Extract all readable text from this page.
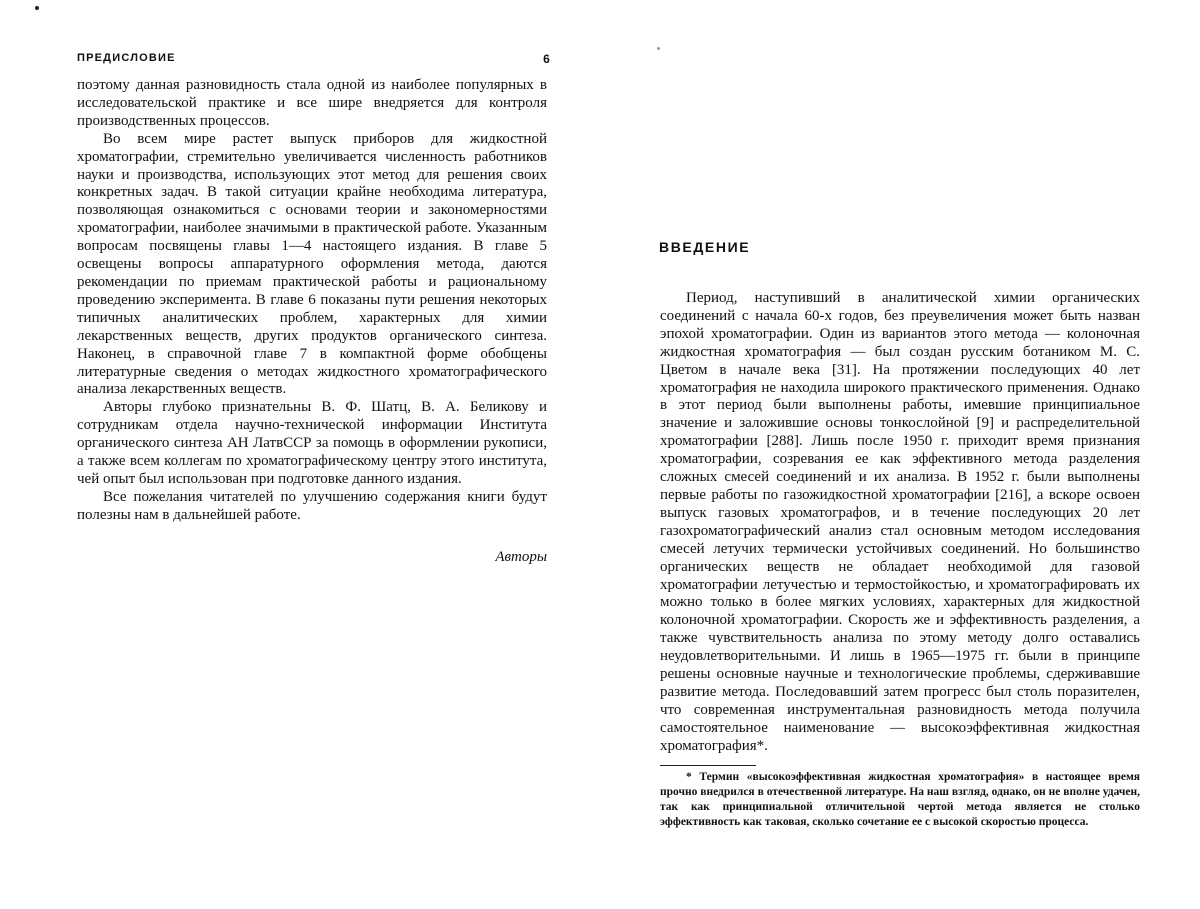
ПРЕДИСЛОВИЕ	6

поэтому данная разновидность стала одной из наиболее популярных в исследовательской практике и все шире внедряется для контроля производственных процессов.

Во всем мире растет выпуск приборов для жидкостной хроматографии, стремительно увеличивается численность работников науки и производства, использующих этот метод для решения своих конкретных задач. В такой ситуации крайне необходима литература, позволяющая ознакомиться с основами теории и закономерностями хроматографии, наиболее значимыми в практической работе. Указанным вопросам посвящены главы 1—4 настоящего издания. В главе 5 освещены вопросы аппаратурного оформления метода, даются рекомендации по приемам практической работы и рациональному проведению эксперимента. В главе 6 показаны пути решения некоторых типичных аналитических проблем, характерных для химии лекарственных веществ, других продуктов органического синтеза. Наконец, в справочной главе 7 в компактной форме обобщены литературные сведения о методах жидкостного хроматографического анализа лекарственных веществ.

Авторы глубоко признательны В. Ф. Шатц, В. А. Беликову и сотрудникам отдела научно-технической информации Института органического синтеза АН ЛатвССР за помощь в оформлении рукописи, а также всем коллегам по хроматографическому центру этого института, чей опыт был использован при подготовке данного издания.

Все пожелания читателей по улучшению содержания книги будут полезны нам в дальнейшей работе.

Авторы

ВВЕДЕНИЕ

Период, наступивший в аналитической химии органических соединений с начала 60-х годов, без преувеличения может быть назван эпохой хроматографии. Один из вариантов этого метода — колоночная жидкостная хроматография — был создан русским ботаником М. С. Цветом в начале века [31]. На протяжении последующих 40 лет хроматография не находила широкого практического применения. Однако в этот период были выполнены работы, имевшие принципиальное значение и заложившие основы тонкослойной [9] и распределительной хроматографии [288]. Лишь после 1950 г. приходит время признания хроматографии, созревания ее как эффективного метода разделения сложных смесей соединений и их анализа. В 1952 г. были выполнены первые работы по газожидкостной хроматографии [216], а вскоре освоен выпуск газовых хроматографов, и в течение последующих 20 лет газохроматографический анализ стал основным методом исследования смесей летучих термически устойчивых соединений. Но большинство органических веществ не обладает необходимой для газовой хроматографии летучестью и термостойкостью, и хроматографировать их можно только в более мягких условиях, характерных для жидкостной колоночной хроматографии. Скорость же и эффективность разделения, а также чувствительность анализа по этому методу долго оставались неудовлетворительными. И лишь в 1965—1975 гг. были в принципе решены основные научные и технологические проблемы, сдерживавшие развитие метода. Последовавший затем прогресс был столь поразителен, что современная инструментальная разновидность метода получила самостоятельное наименование — высокоэффективная жидкостная хроматография*.

* Термин «высокоэффективная жидкостная хроматография» в настоящее время прочно внедрился в отечественной литературе. На наш взгляд, однако, он не вполне удачен, так как принципиальной отличительной чертой метода является не столько эффективность как таковая, сколько сочетание ее с высокой скоростью процесса.
